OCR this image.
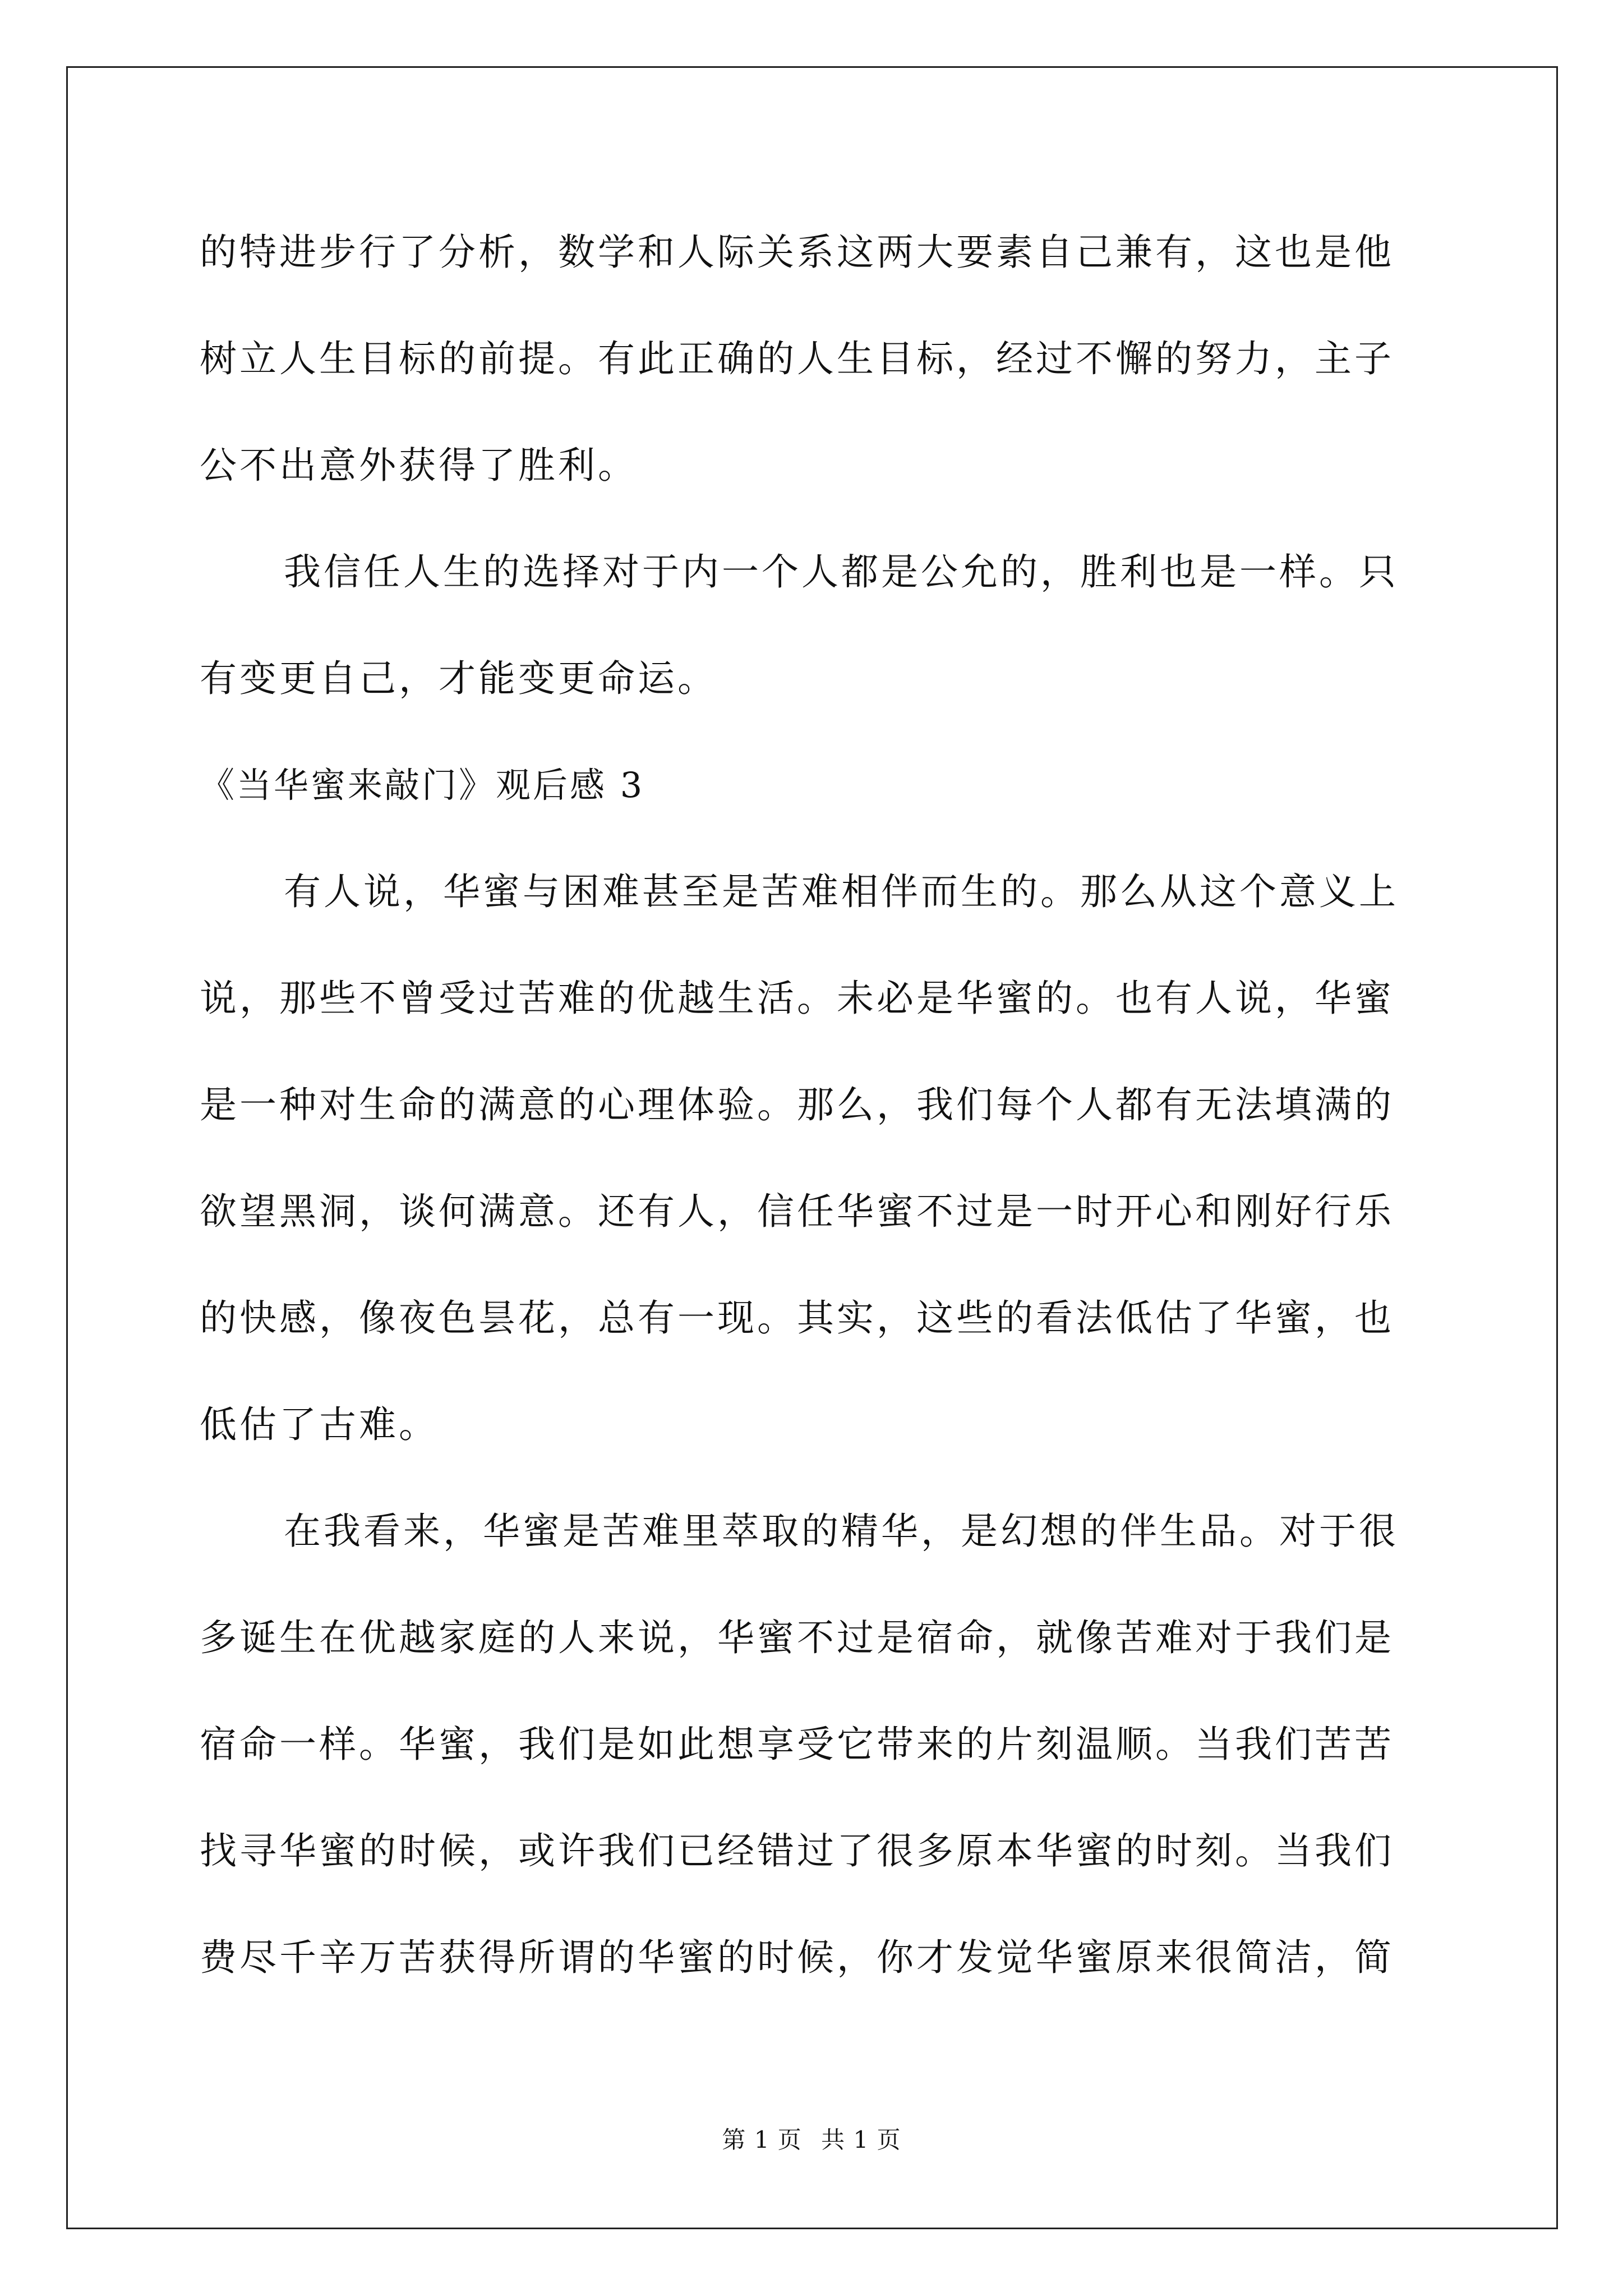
的特进步行了分析，数学和人际关系这两大要素自己兼有，这也是他
树立人生目标的前提。有此正确的人生目标，经过不懈的努力，主子
公不出意外获得了胜利。
我信任人生的选择对于内一个人都是公允的，胜利也是一样。只
有变更自己，才能变更命运。
《当华蜜来敲门》观后感 3
有人说，华蜜与困难甚至是苦难相伴而生的。那么从这个意义上
说，那些不曾受过苦难的优越生活。未必是华蜜的。也有人说，华蜜
是一种对生命的满意的心理体验。那么，我们每个人都有无法填满的
欲望黑洞，谈何满意。还有人，信任华蜜不过是一时开心和刚好行乐
的快感，像夜色昙花，总有一现。其实，这些的看法低估了华蜜，也
低估了古难。
在我看来，华蜜是苦难里萃取的精华，是幻想的伴生品。对于很
多诞生在优越家庭的人来说，华蜜不过是宿命，就像苦难对于我们是
宿命一样。华蜜，我们是如此想享受它带来的片刻温顺。当我们苦苦
找寻华蜜的时候，或许我们已经错过了很多原本华蜜的时刻。当我们
费尽千辛万苦获得所谓的华蜜的时候，你才发觉华蜜原来很简洁，简
第 1 页 共 1 页
